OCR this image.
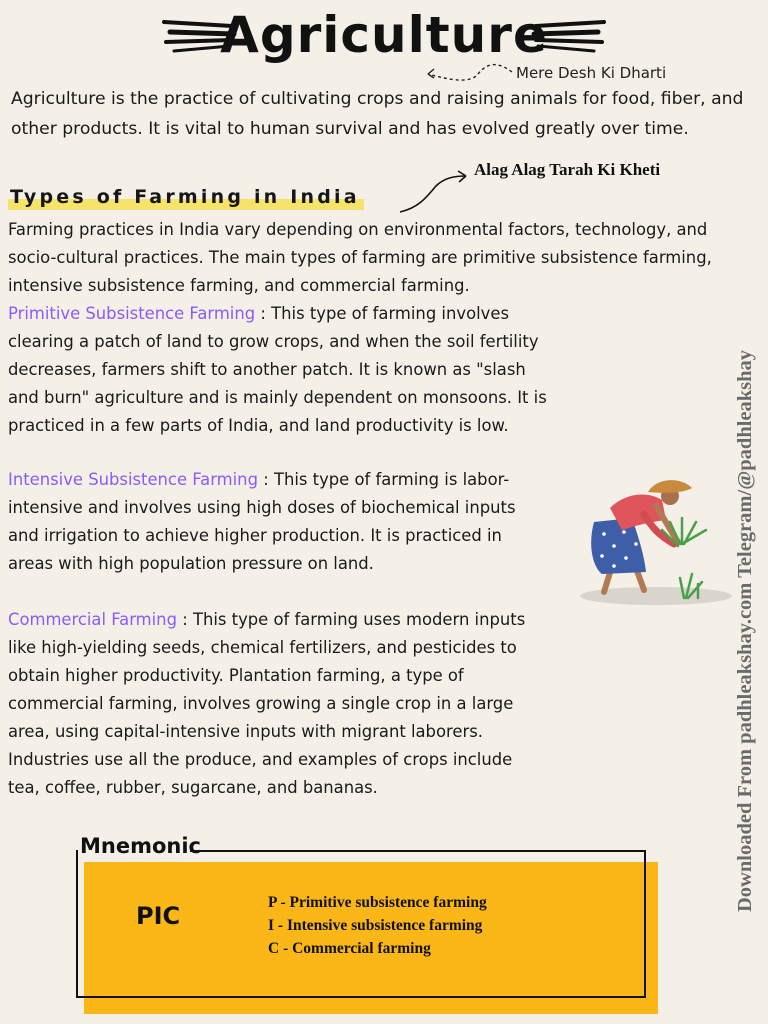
Agriculture
Mere Desh Ki Dharti
Agriculture is the practice of cultivating crops and raising animals for food, fiber, and other products. It is vital to human survival and has evolved greatly over time.
Types of Farming in India
Alag Alag Tarah Ki Kheti
Farming practices in India vary depending on environmental factors, technology, and socio-cultural practices. The main types of farming are primitive subsistence farming, intensive subsistence farming, and commercial farming.
Primitive Subsistence Farming : This type of farming involves clearing a patch of land to grow crops, and when the soil fertility decreases, farmers shift to another patch. It is known as "slash and burn" agriculture and is mainly dependent on monsoons. It is practiced in a few parts of India, and land productivity is low.
Intensive Subsistence Farming : This type of farming is labor-intensive and involves using high doses of biochemical inputs and irrigation to achieve higher production. It is practiced in areas with high population pressure on land.
Commercial Farming : This type of farming uses modern inputs like high-yielding seeds, chemical fertilizers, and pesticides to obtain higher productivity. Plantation farming, a type of commercial farming, involves growing a single crop in a large area, using capital-intensive inputs with migrant laborers. Industries use all the produce, and examples of crops include tea, coffee, rubber, sugarcane, and bananas.
Mnemonic
PIC	P - Primitive subsistence farming
I - Intensive subsistence farming
C - Commercial farming
Downloaded From padhleakshay.com Telegram/@padhleakshay
